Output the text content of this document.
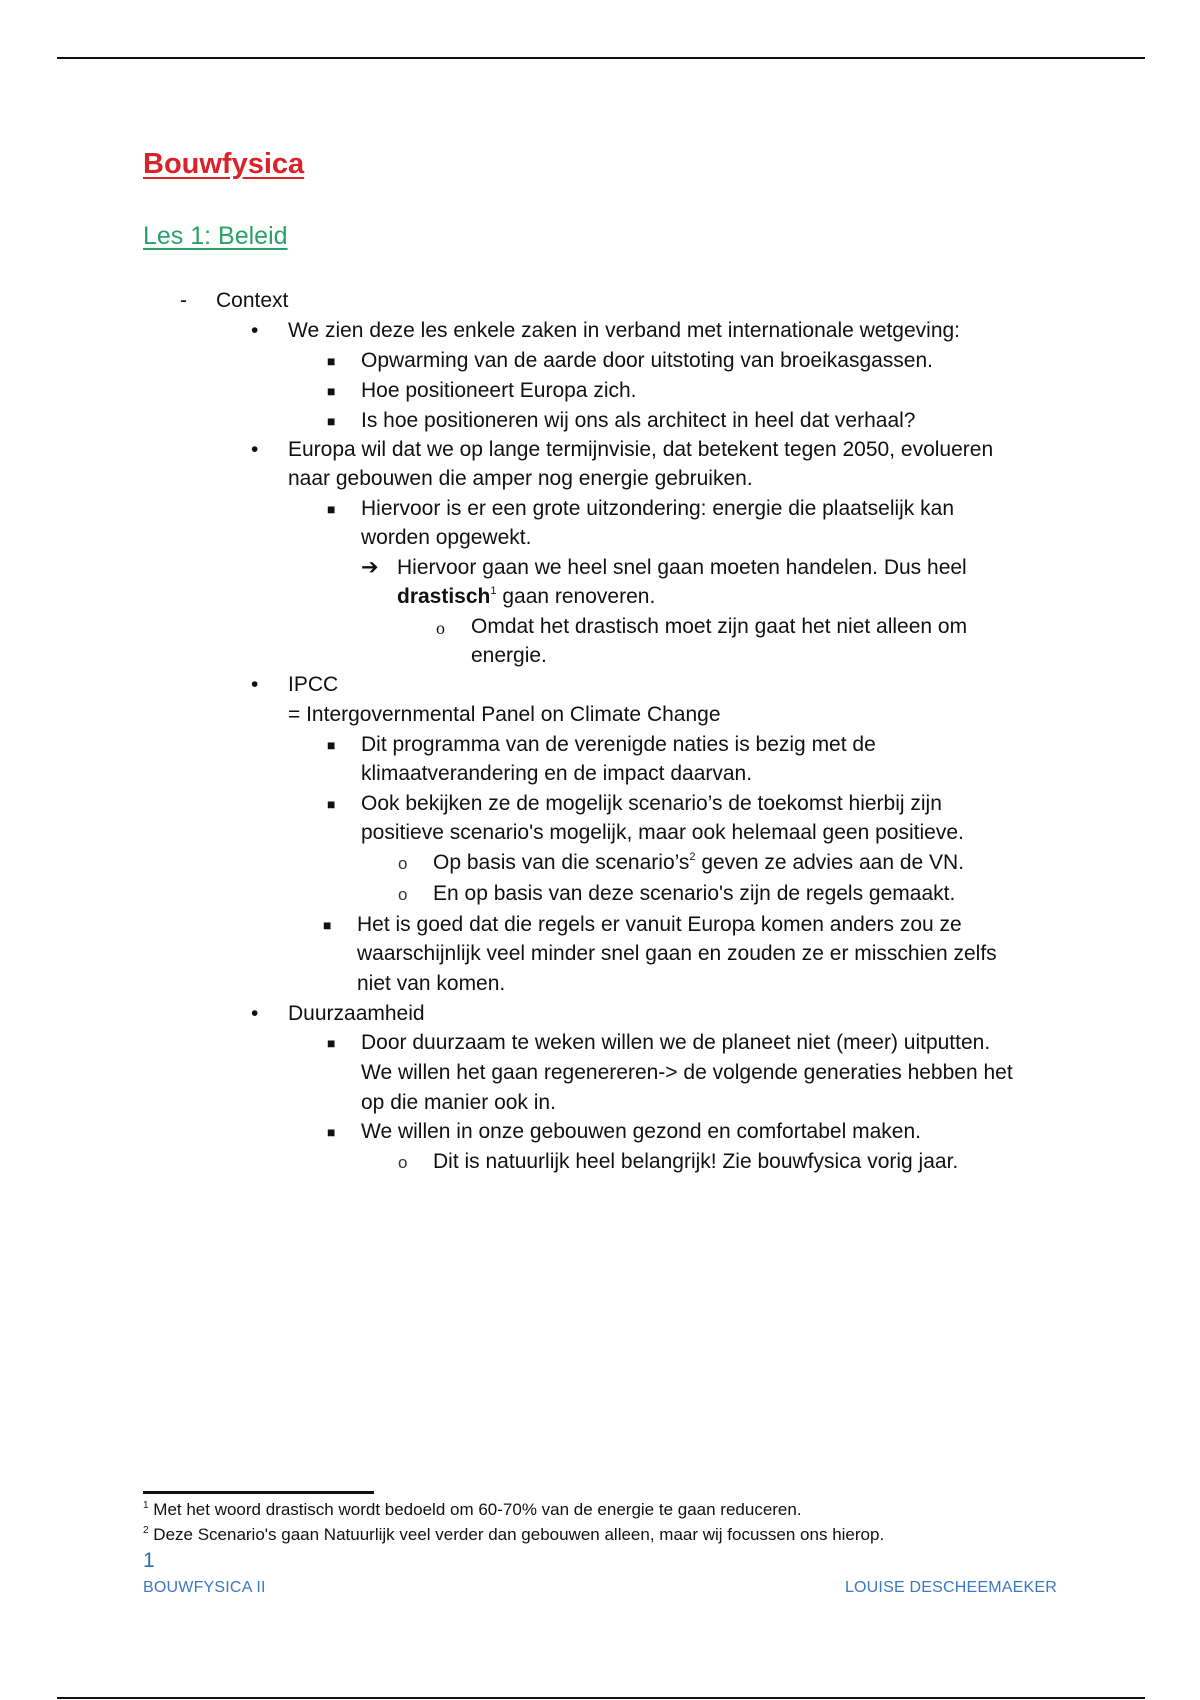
Bouwfysica
Les 1: Beleid
- Context
• We zien deze les enkele zaken in verband met internationale wetgeving:
■ Opwarming van de aarde door uitstoting van broeikasgassen.
■ Hoe positioneert Europa zich.
■ Is hoe positioneren wij ons als architect in heel dat verhaal?
• Europa wil dat we op lange termijnvisie, dat betekent tegen 2050, evolueren
naar gebouwen die amper nog energie gebruiken.
■ Hiervoor is er een grote uitzondering: energie die plaatselijk kan
worden opgewekt.
➔ Hiervoor gaan we heel snel gaan moeten handelen. Dus heel
drastisch$^1$ gaan renoveren.
o Omdat het drastisch moet zijn gaat het niet alleen om
energie.
• IPCC
= Intergovernmental Panel on Climate Change
■ Dit programma van de verenigde naties is bezig met de
klimaatverandering en de impact daarvan.
■ Ook bekijken ze de mogelijk scenario’s de toekomst hierbij zijn
positieve scenario's mogelijk, maar ook helemaal geen positieve.
o Op basis van die $scenario’s^2$ geven ze advies aan de VN.
o En op basis van deze scenario's zijn de regels gemaakt.
■ Het is goed dat die regels er vanuit Europa komen anders zou ze
waarschijnlijk veel minder snel gaan en zouden ze er misschien zelfs
niet van komen.
• Duurzaamheid
■ Door duurzaam te weken willen we de planeet niet (meer) uitputten.
We willen het gaan regenereren-> de volgende generaties hebben het
op die manier ook in.
■ We willen in onze gebouwen gezond en comfortabel maken.
o Dit is natuurlijk heel belangrijk! Zie bouwfysica vorig jaar.
$^1$ Met het woord drastisch wordt bedoeld om 60-70% van de energie te gaan reduceren.
$^2$ Deze Scenario's gaan Natuurlijk veel verder dan gebouwen alleen, maar wij focussen ons hierop.
1
BOUWFYSICA II	LOUISE DESCHEEMAEKER
